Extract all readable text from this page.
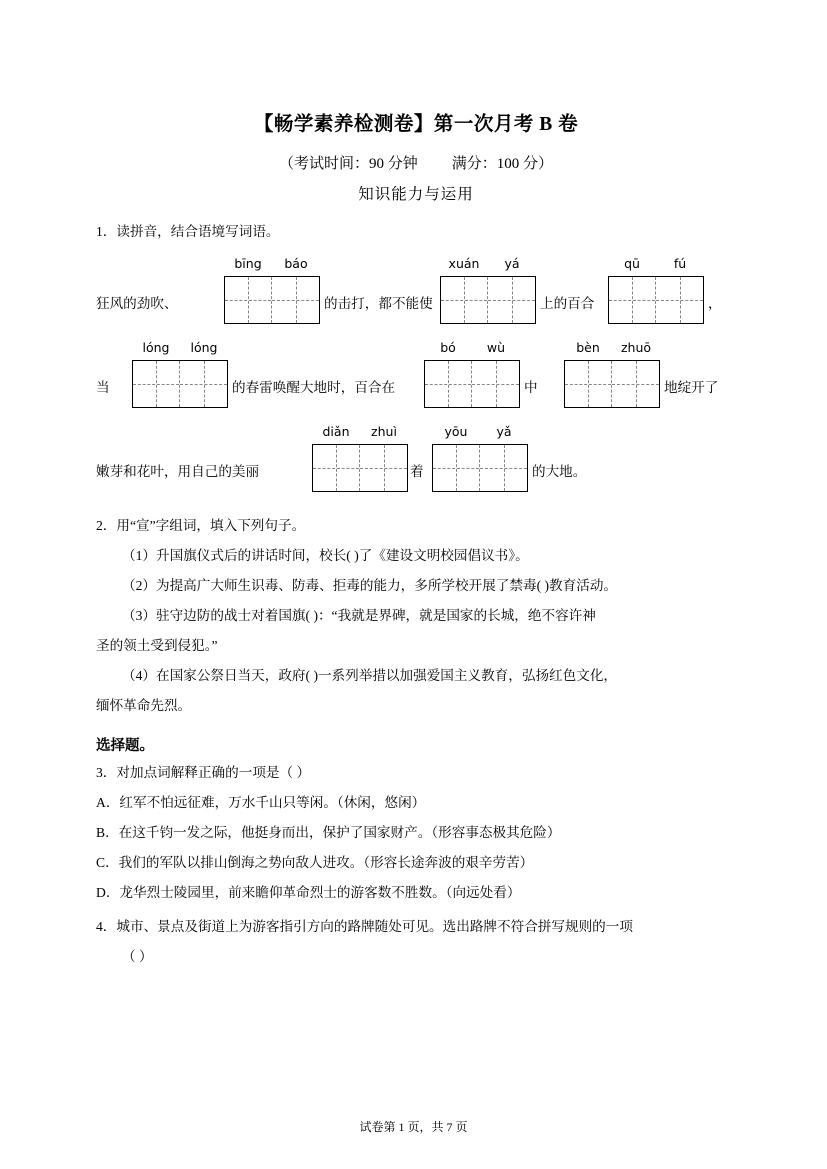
【畅学素养检测卷】第一次月考 B 卷
（考试时间：90 分钟 满分：100 分）
知识能力与运用
1．读拼音，结合语境写词语。
bīng	báo	xuán	yá	qū	fú
狂风的劲吹、	的击打，都不能使	上的百合	，
lóng	lóng	bó	wù	bèn	zhuō
当	的春雷唤醒大地时，百合在	中	地绽开了
diǎn	zhuì	yōu	yǎ
嫩芽和花叶，用自己的美丽	着	的大地。
2．用“宣”字组词，填入下列句子。
（1）升国旗仪式后的讲话时间，校长( )了《建设文明校园倡议书》。
（2）为提高广大师生识毒、防毒、拒毒的能力，多所学校开展了禁毒( )教育活动。
（3）驻守边防的战士对着国旗( )：“我就是界碑，就是国家的长城，绝不容许神
圣的领土受到侵犯。”
（4）在国家公祭日当天，政府( )一系列举措以加强爱国主义教育，弘扬红色文化，
缅怀革命先烈。
选择题。
3．对加点词解释正确的一项是（ ）
A．红军不怕远征难，万水千山只等闲。（休闲，悠闲）
B．在这千钧一发之际，他挺身而出，保护了国家财产。（形容事态极其危险）
C．我们的军队以排山倒海之势向敌人进攻。（形容长途奔波的艰辛劳苦）
D．龙华烈士陵园里，前来瞻仰革命烈士的游客数不胜数。（向远处看）
4．城市、景点及街道上为游客指引方向的路牌随处可见。选出路牌不符合拼写规则的一项
（ ）
试卷第 1 页，共 7 页
